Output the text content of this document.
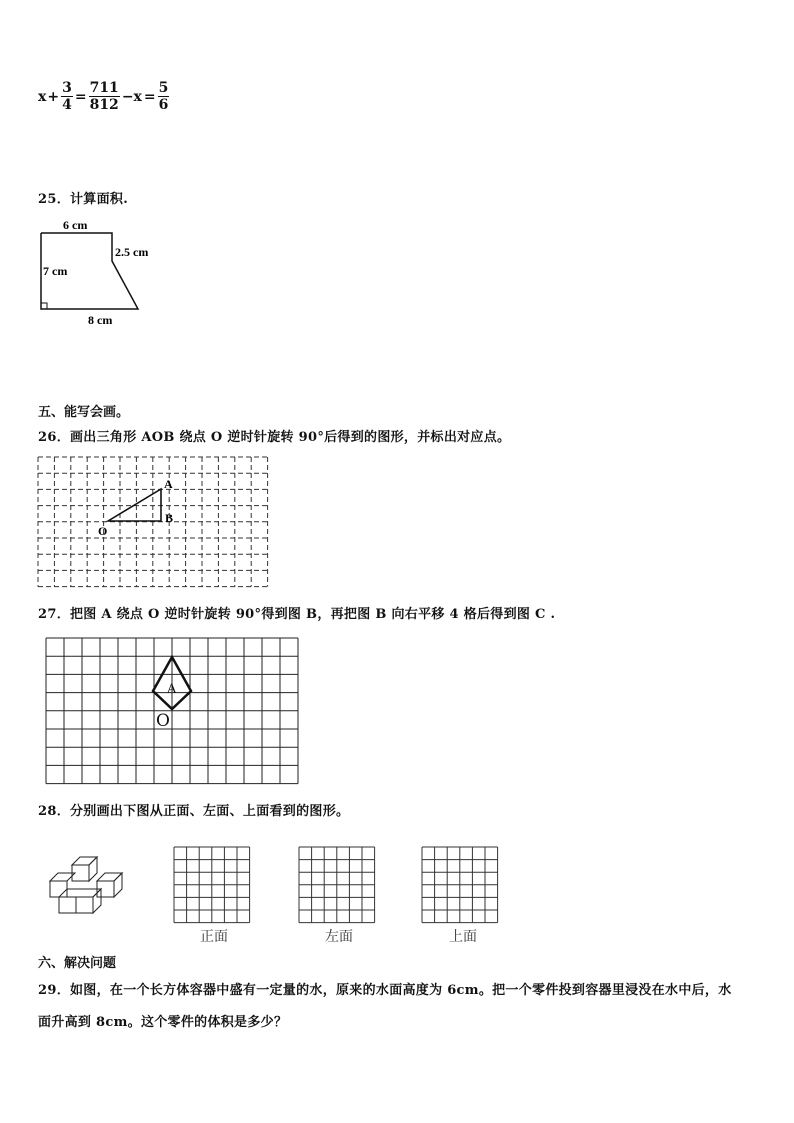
$x + \frac{3}{4} = \frac{711}{812} -x = \frac{5}{6}$
25．计算面积.
6 cm
2.5 cm
7 cm
8 cm
五、能写会画。
26．画出三角形 AOB 绕点 O 逆时针旋转 90°后得到的图形，并标出对应点。
A
B
O
27．把图 A 绕点 O 逆时针旋转 90°得到图 B，再把图 B 向右平移 4 格后得到图 C .
A
O
28．分别画出下图从正面、左面、上面看到的图形。
正面	左面	上面
六、解决问题
29．如图，在一个长方体容器中盛有一定量的水，原来的水面高度为 6cm。把一个零件投到容器里浸没在水中后，水
面升高到 8cm。这个零件的体积是多少？
